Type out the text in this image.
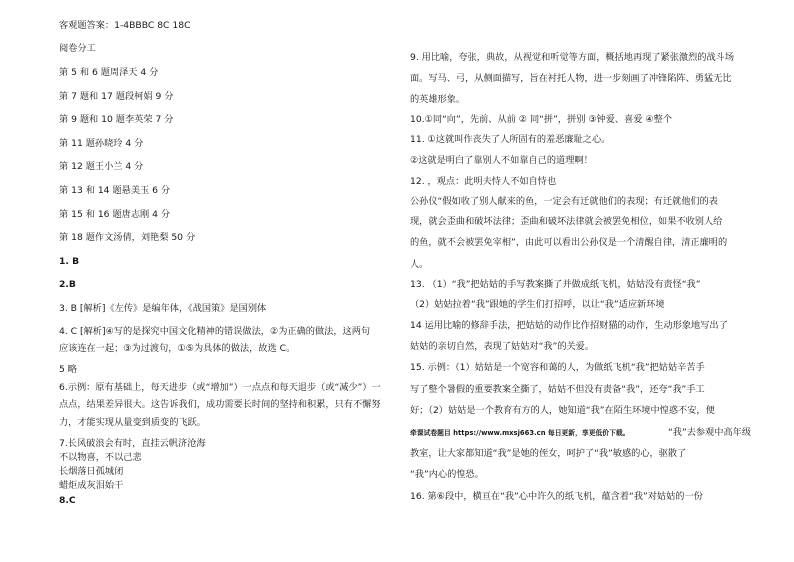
客观题答案：1-4BBBC 8C 18C
阅卷分工
第 5 和 6 题周泽天 4 分
第 7 题和 17 题段柯娟 9 分
第 9 题和 10 题李英荣 7 分
第 11 题孙晓玲 4 分
第 12 题王小兰 4 分
第 13 和 14 题悬美玉 6 分
第 15 和 16 题唐志刚 4 分
第 18 题作文汤倩，刘艳梨 50 分
1. B
2.B
3. B [解析]《左传》是编年体，《战国策》是国别体
4. C [解析]④写的是探究中国文化精神的错误做法，②为正确的做法，这两句
应该连在一起；③为过渡句，①⑤为具体的做法，故选 C。
5 略
6.示例：原有基础上，每天进步（或“增加”）一点点和每天退步（或“减少”）一
点点，结果差异很大。这告诉我们，成功需要长时间的坚持和积累，只有不懈努
力，才能实现从量变到质变的飞跃。
7.长风破浪会有时，直挂云帆济沧海
不以物喜，不以己悲
长烟落日孤城闭
蜡炬成灰泪始干
8.C
9. 用比喻，夸张，典故，从视觉和听觉等方面，概括地再现了紧张激烈的战斗场
面。写马、弓，从侧面描写，旨在衬托人物，进一步刻画了冲锋陷阵、勇猛无比
的英雄形象。
10.①同“向”，先前、从前 ② 同“拼”，拼别 ③钟爱、喜爱 ④整个
11. ①这就叫作丧失了人所固有的羞恶廉耻之心。
②这就是明白了靠别人不如靠自己的道理啊！
12. ，观点：此明夫恃人不如自恃也
公孙仪“假如收了别人献来的鱼，一定会有迁就他们的表现；有迁就他们的表
现，就会歪曲和破坏法律；歪曲和破坏法律就会被罢免相位，如果不收别人给
的鱼，就不会被罢免宰相”，由此可以看出公孙仪是一个清醒自律，清正廉明的
人。
13. （1）“我”把姑姑的手写教案撕了并做成纸飞机，姑姑没有责怪“我”
（2）姑姑拉着“我”跟她的学生们打招呼，以让“我”适应新环境
14 运用比喻的修辞手法，把姑姑的动作比作招财猫的动作，生动形象地写出了
姑姑的亲切自然，表现了姑姑对“我”的关爱。
15. 示例：（1）姑姑是一个宽容和蔼的人，为做纸飞机“我”把姑姑辛苦手
写了整个暑假的重要教案全撕了，姑姑不但没有责备“我”，还夸“我”手工
好；（2）姑姑是一个教育有方的人，她知道“我”在陌生环境中惶惑不安，便
牵课试卷题目 https://www.mxsj663.cn 每日更新，享更低价下载。	“我”去参观中高年级
教室，让大家都知道“我”是她的侄女，呵护了“我”敏感的心，驱散了
“我”内心的惶恐。
16. 第⑥段中，横亘在“我”心中许久的纸飞机，蕴含着“我”对姑姑的一份
